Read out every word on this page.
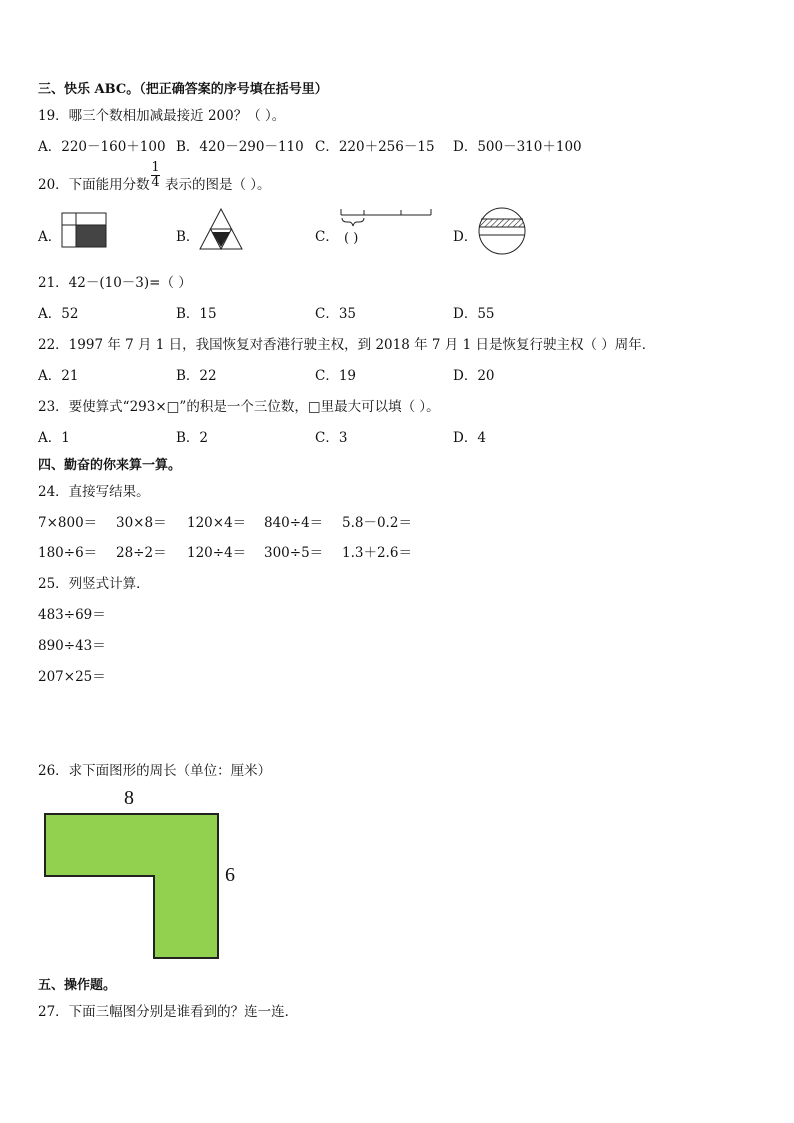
三、快乐 ABC。（把正确答案的序号填在括号里）
19．哪三个数相加减最接近 200？（ ）。
A．220－160＋100 B．420－290－110 C．220＋256－15 D．500－310＋100
20．下面能用分数
1
4 表示的图是（ ）。
A．	B．	C． ( )	D．
21．42－(10－3)=（ ）
A．52	B．15	C．35	D．55
22．1997 年 7 月 1 日，我国恢复对香港行驶主权，到 2018 年 7 月 1 日是恢复行驶主权（ ）周年．
A．21	B．22	C．19	D．20
23．要使算式“293×□”的积是一个三位数，□里最大可以填（ ）。
A．1	B．2	C．3	D．4
四、勤奋的你来算一算。
24．直接写结果。
7×800＝ 30×8＝ 120×4＝ 840÷4＝ 5.8－0.2＝
180÷6＝ 28÷2＝ 120÷4＝ 300÷5＝ 1.3＋2.6＝
25．列竖式计算．
483÷69＝
890÷43＝
207×25＝
26．求下面图形的周长（单位：厘米）
8
6
五、操作题。
27．下面三幅图分别是谁看到的？连一连．
